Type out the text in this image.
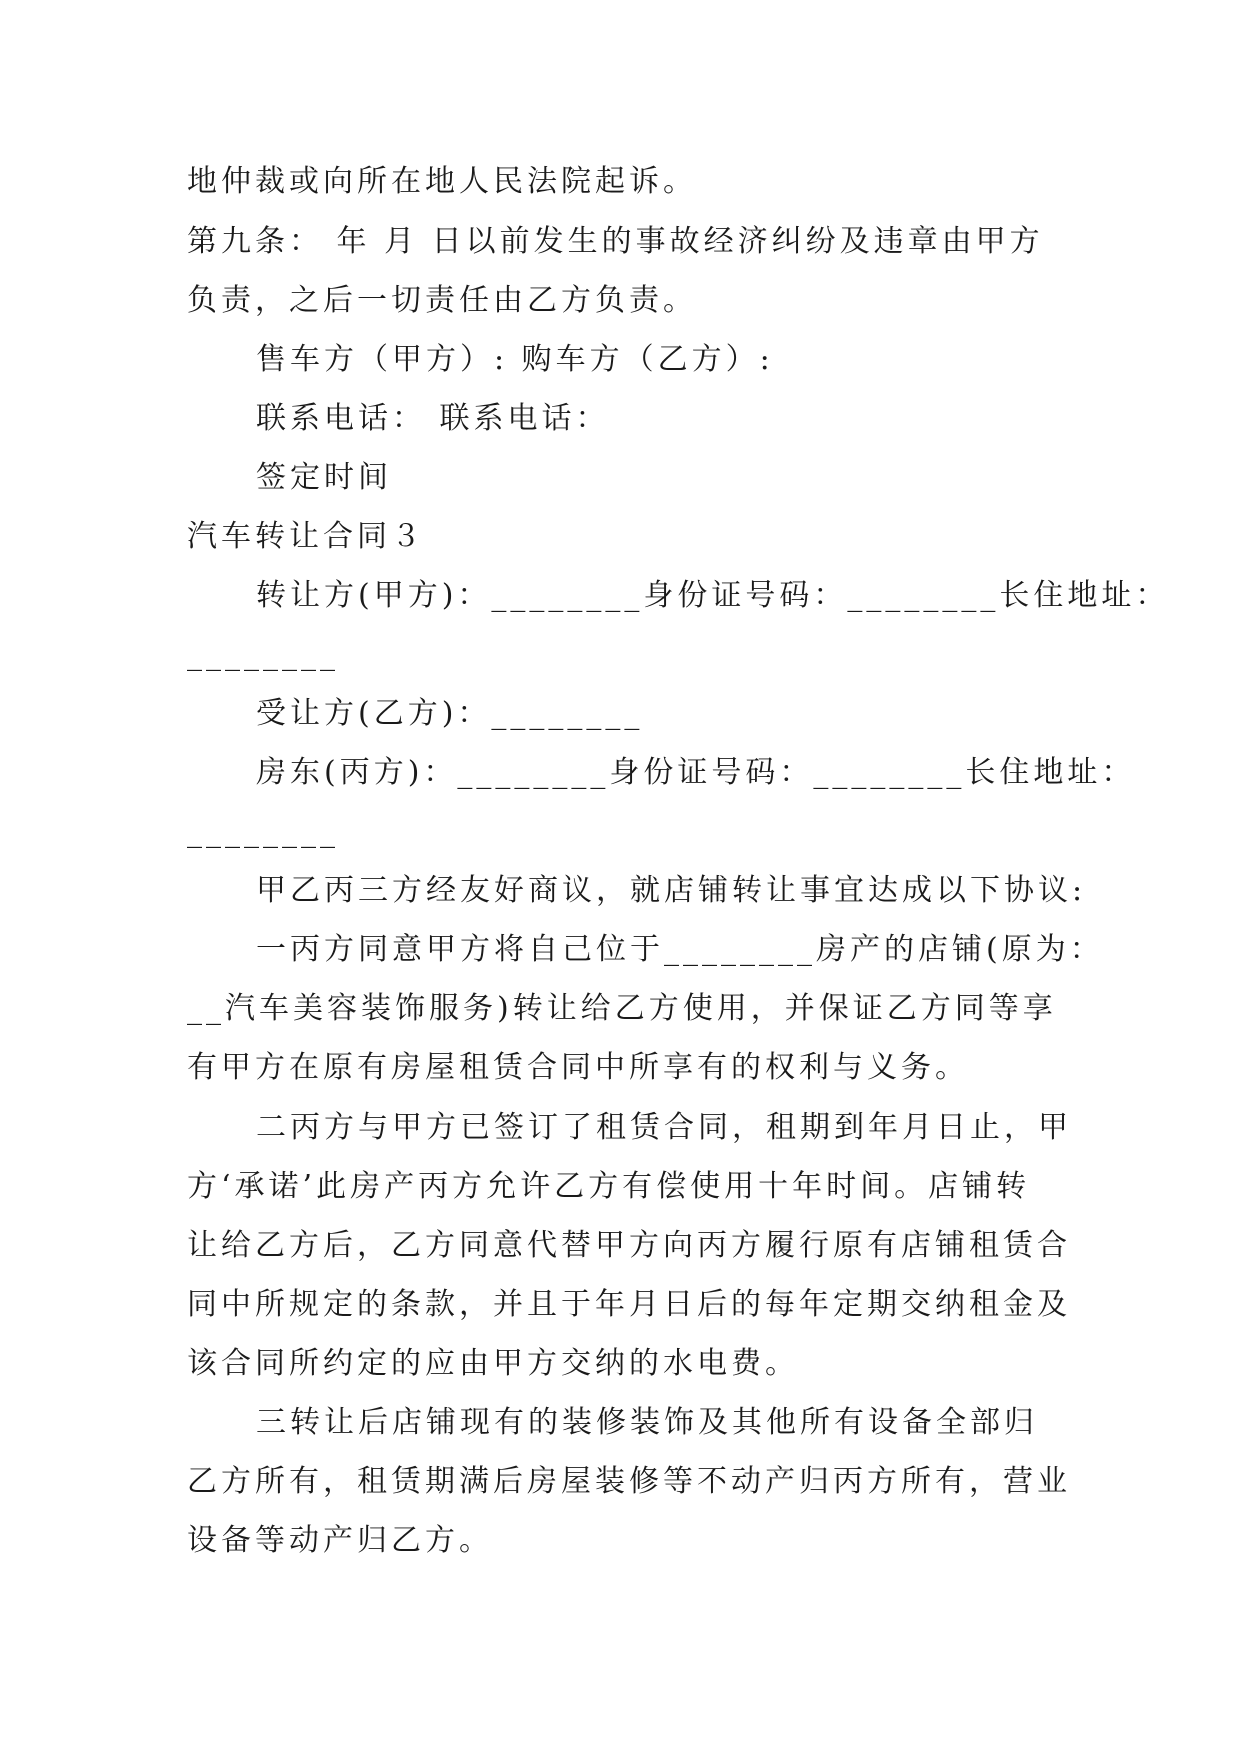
地仲裁或向所在地人民法院起诉。
第九条： 年 月 日以前发生的事故经济纠纷及违章由甲方
负责，之后一切责任由乙方负责。
售车方（甲方）: 购车方（乙方）:
联系电话： 联系电话：
签定时间
汽车转让合同３
转让方(甲方)：________身份证号码：________长住地址：
________
受让方(乙方)：________
房东(丙方)：________身份证号码：________长住地址：
________
甲乙丙三方经友好商议，就店铺转让事宜达成以下协议:
一丙方同意甲方将自己位于________房产的店铺(原为：
__汽车美容装饰服务)转让给乙方使用，并保证乙方同等享
有甲方在原有房屋租赁合同中所享有的权利与义务。
二丙方与甲方已签订了租赁合同，租期到年月日止，甲
方‘承诺’此房产丙方允许乙方有偿使用十年时间。店铺转
让给乙方后，乙方同意代替甲方向丙方履行原有店铺租赁合
同中所规定的条款，并且于年月日后的每年定期交纳租金及
该合同所约定的应由甲方交纳的水电费。
三转让后店铺现有的装修装饰及其他所有设备全部归
乙方所有，租赁期满后房屋装修等不动产归丙方所有，营业
设备等动产归乙方。
